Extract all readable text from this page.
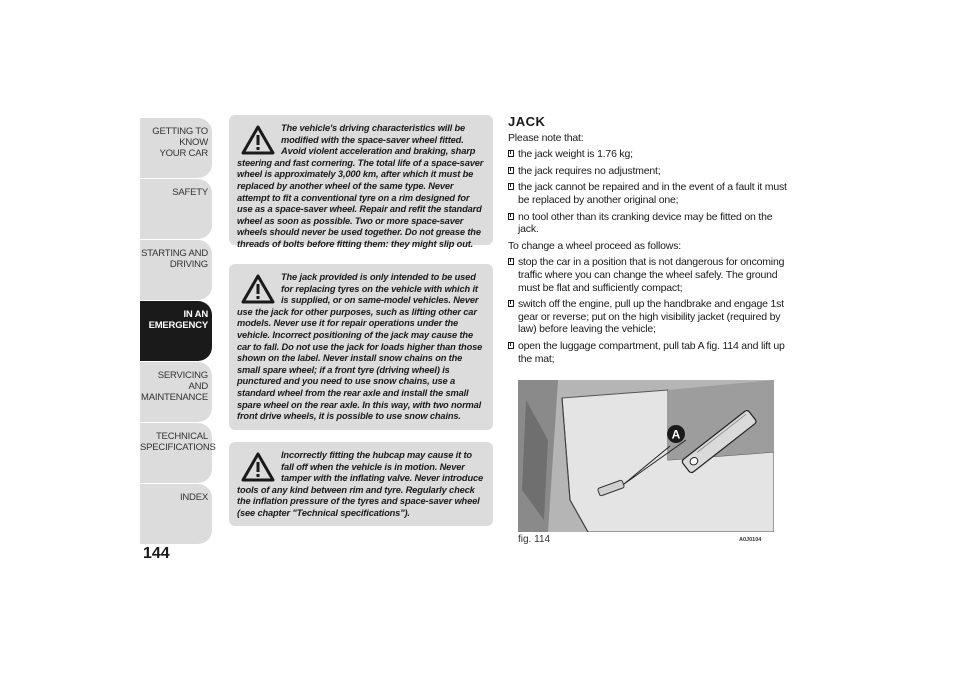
GETTING TO KNOW
YOUR CAR
SAFETY
STARTING AND
DRIVING
IN AN
EMERGENCY
SERVICING AND
MAINTENANCE
TECHNICAL
SPECIFICATIONS
INDEX
144

The vehicle's driving characteristics will be modified with the space-saver wheel fitted. Avoid violent acceleration and braking, sharp steering and fast cornering. The total life of a space-saver wheel is approximately 3,000 km, after which it must be replaced by another wheel of the same type. Never attempt to fit a conventional tyre on a rim designed for use as a space-saver wheel. Repair and refit the standard wheel as soon as possible. Two or more space-saver wheels should never be used together. Do not grease the threads of bolts before fitting them: they might slip out.

The jack provided is only intended to be used for replacing tyres on the vehicle with which it is supplied, or on same-model vehicles. Never use the jack for other purposes, such as lifting other car models. Never use it for repair operations under the vehicle. Incorrect positioning of the jack may cause the car to fall. Do not use the jack for loads higher than those shown on the label. Never install snow chains on the small spare wheel; if a front tyre (driving wheel) is punctured and you need to use snow chains, use a standard wheel from the rear axle and install the small spare wheel on the rear axle. In this way, with two normal front drive wheels, it is possible to use snow chains.

Incorrectly fitting the hubcap may cause it to fall off when the vehicle is in motion. Never tamper with the inflating valve. Never introduce tools of any kind between rim and tyre. Regularly check the inflation pressure of the tyres and space-saver wheel (see chapter "Technical specifications").

JACK
Please note that:
the jack weight is 1.76 kg;
the jack requires no adjustment;
the jack cannot be repaired and in the event of a fault it must be replaced by another original one;
no tool other than its cranking device may be fitted on the jack.
To change a wheel proceed as follows:
stop the car in a position that is not dangerous for oncoming traffic where you can change the wheel safely. The ground must be flat and sufficiently compact;
switch off the engine, pull up the handbrake and engage 1st gear or reverse; put on the high visibility jacket (required by law) before leaving the vehicle;
open the luggage compartment, pull tab A fig. 114 and lift up the mat;
A
fig. 114	A0J0104
